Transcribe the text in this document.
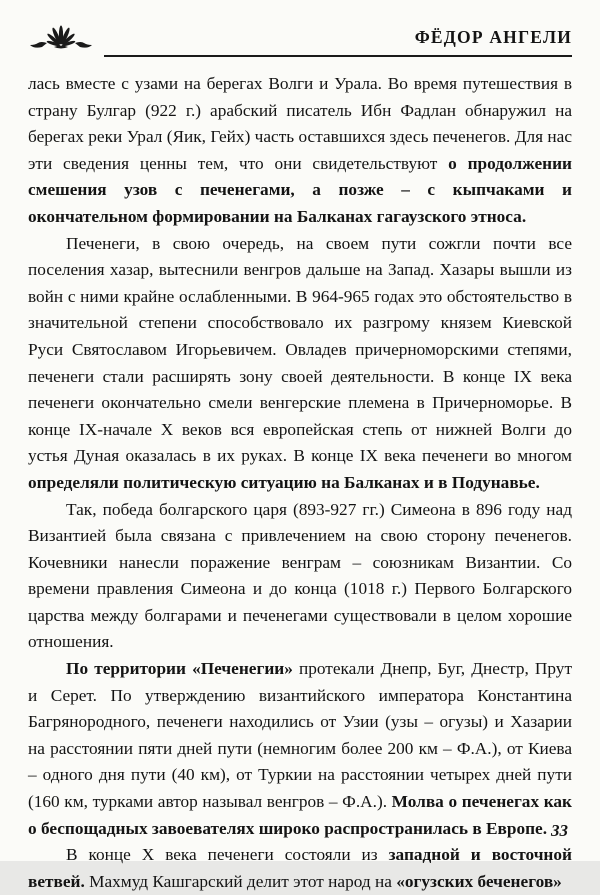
ФЁДОР АНГЕЛИ

лась вместе с узами на берегах Волги и Урала. Во время путешествия в страну Булгар (922 г.) арабский писатель Ибн Фадлан обнаружил на берегах реки Урал (Яик, Гейх) часть оставшихся здесь печенегов. Для нас эти сведения ценны тем, что они свидетельствуют о продолжении смешения узов с печенегами, а позже – с кыпчаками и окончательном формировании на Балканах гагаузского этноса.

Печенеги, в свою очередь, на своем пути сожгли почти все поселения хазар, вытеснили венгров дальше на Запад. Хазары вышли из войн с ними крайне ослабленными. В 964-965 годах это обстоятельство в значительной степени способствовало их разгрому князем Киевской Руси Святославом Игорьевичем. Овладев причерноморскими степями, печенеги стали расширять зону своей деятельности. В конце IX века печенеги окончательно смели венгерские племена в Причерноморье. В конце IX-начале X веков вся европейская степь от нижней Волги до устья Дуная оказалась в их руках. В конце IX века печенеги во многом определяли политическую ситуацию на Балканах и в Подунавье.

Так, победа болгарского царя (893-927 гг.) Симеона в 896 году над Византией была связана с привлечением на свою сторону печенегов. Кочевники нанесли поражение венграм – союзникам Византии. Со времени правления Симеона и до конца (1018 г.) Первого Болгарского царства между болгарами и печенегами существовали в целом хорошие отношения.

По территории «Печенегии» протекали Днепр, Буг, Днестр, Прут и Серет. По утверждению византийского императора Константина Багрянородного, печенеги находились от Узии (узы – огузы) и Хазарии на расстоянии пяти дней пути (немногим более 200 км – Ф.А.), от Киева – одного дня пути (40 км), от Туркии на расстоянии четырех дней пути (160 км, турками автор называл венгров – Ф.А.). Молва о печенегах как о беспощадных завоевателях широко распространилась в Европе.

В конце X века печенеги состояли из западной и восточной ветвей. Махмуд Кашгарский делит этот народ на «огузских беченегов»

33
